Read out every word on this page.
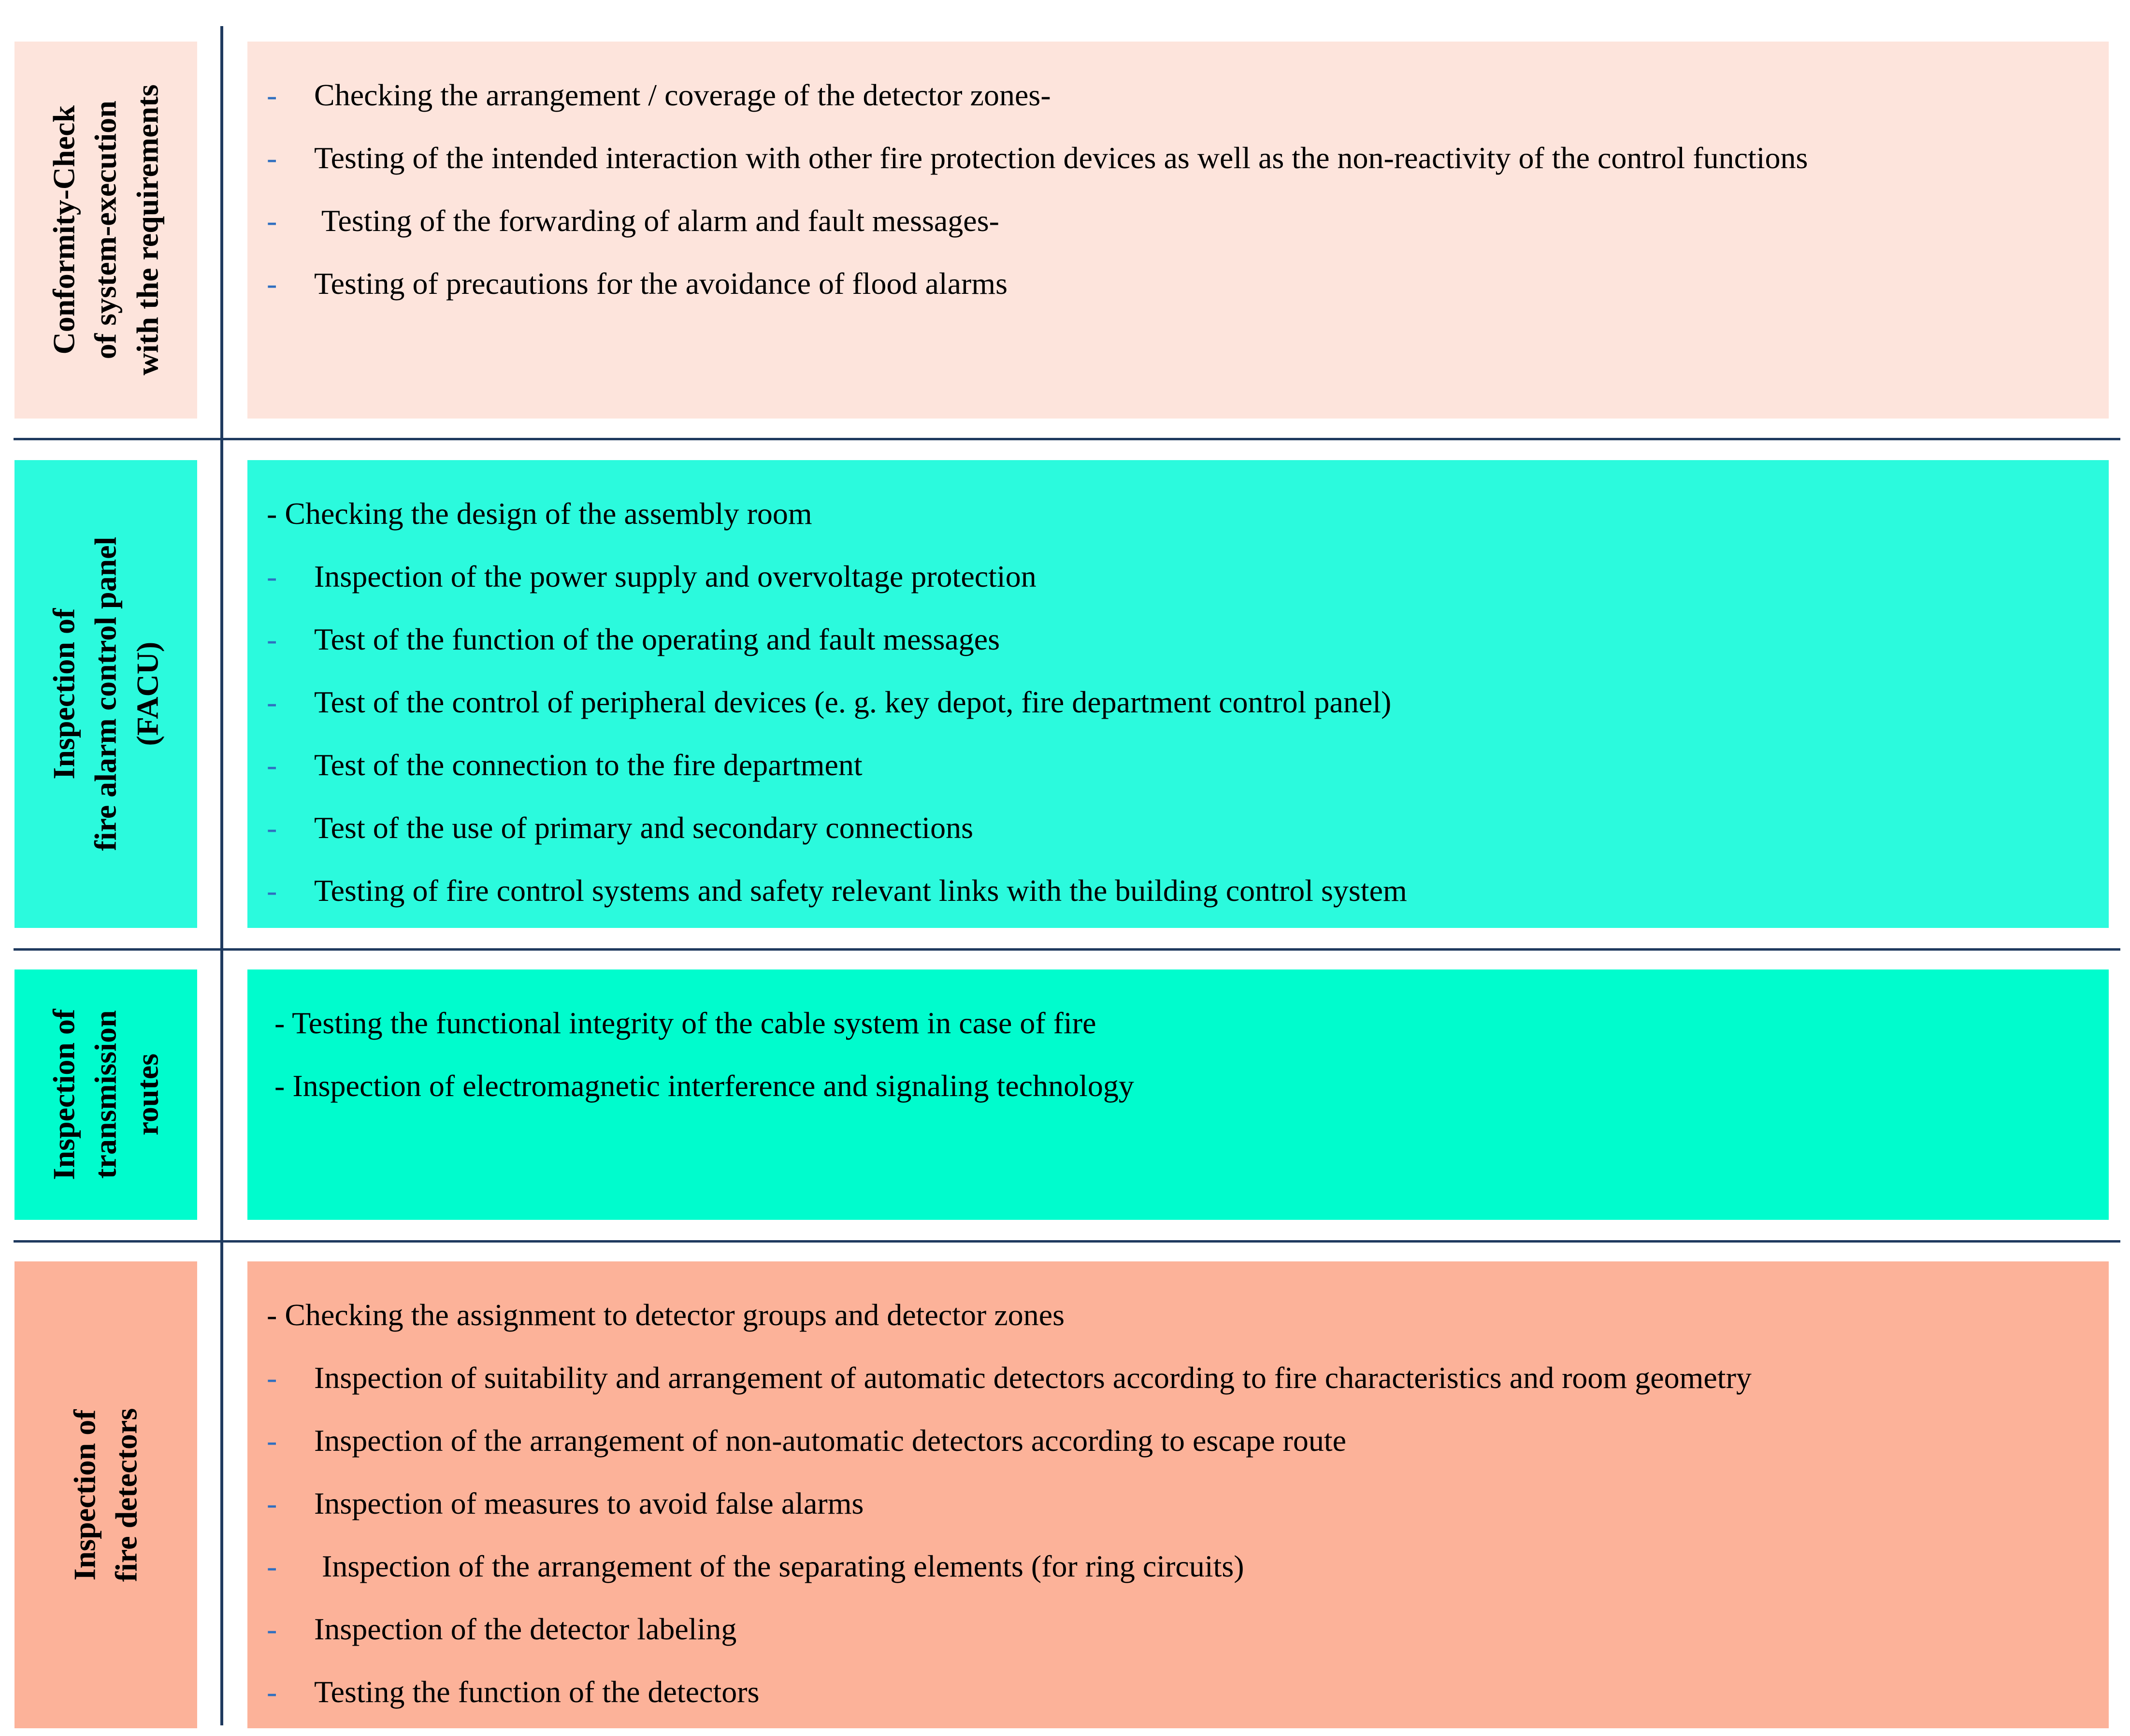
Conformity-Check of system-execution with the requirements	-	Checking the arrangement / coverage of the detector zones-
-	Testing of the intended interaction with other fire protection devices as well as the non-reactivity of the control functions
-	Testing of the forwarding of alarm and fault messages-
-	Testing of precautions for the avoidance of flood alarms
Inspection of fire alarm control panel (FACU)
- Checking the design of the assembly room
-	Inspection of the power supply and overvoltage protection
-	Test of the function of the operating and fault messages
-	Test of the control of peripheral devices (e. g. key depot, fire department control panel)
-	Test of the connection to the fire department
-	Test of the use of primary and secondary connections
-	Testing of fire control systems and safety relevant links with the building control system
Inspection of transmission routes
- Testing the functional integrity of the cable system in case of fire
- Inspection of electromagnetic interference and signaling technology
Inspection of fire detectors
- Checking the assignment to detector groups and detector zones
-	Inspection of suitability and arrangement of automatic detectors according to fire characteristics and room geometry
-	Inspection of the arrangement of non-automatic detectors according to escape route
-	Inspection of measures to avoid false alarms
-	Inspection of the arrangement of the separating elements (for ring circuits)
-	Inspection of the detector labeling
-	Testing the function of the detectors
